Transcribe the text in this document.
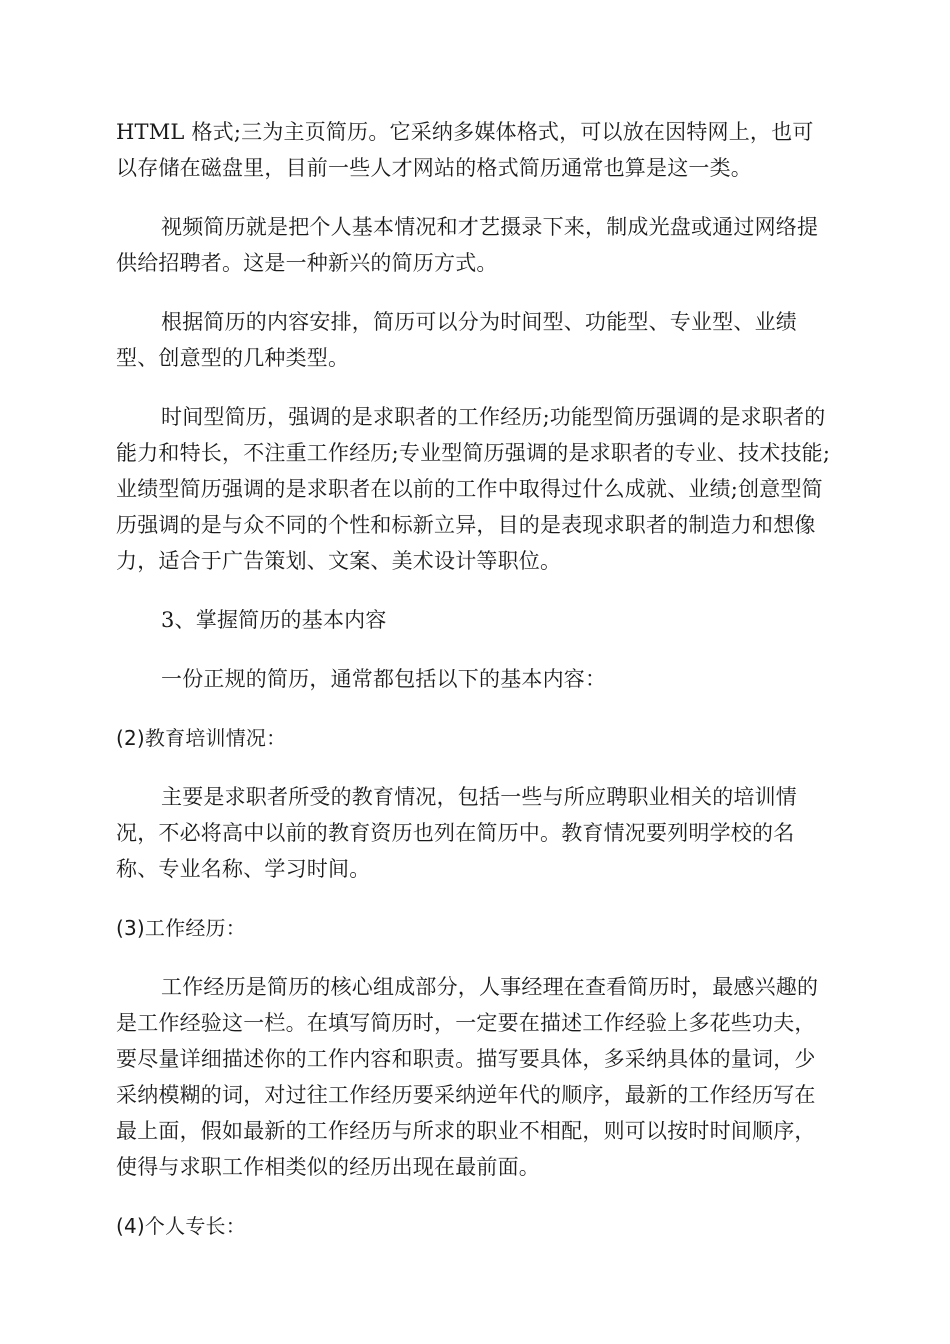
HTML 格式;三为主页简历。它采纳多媒体格式，可以放在因特网上，也可以存储在磁盘里，目前一些人才网站的格式简历通常也算是这一类。

视频简历就是把个人基本情况和才艺摄录下来，制成光盘或通过网络提供给招聘者。这是一种新兴的简历方式。

根据简历的内容安排，简历可以分为时间型、功能型、专业型、业绩型、创意型的几种类型。

时间型简历，强调的是求职者的工作经历;功能型简历强调的是求职者的能力和特长，不注重工作经历;专业型简历强调的是求职者的专业、技术技能;业绩型简历强调的是求职者在以前的工作中取得过什么成就、业绩;创意型简历强调的是与众不同的个性和标新立异，目的是表现求职者的制造力和想像力，适合于广告策划、文案、美术设计等职位。

3、掌握简历的基本内容

一份正规的简历，通常都包括以下的基本内容：

(2)教育培训情况：

主要是求职者所受的教育情况，包括一些与所应聘职业相关的培训情况，不必将高中以前的教育资历也列在简历中。教育情况要列明学校的名称、专业名称、学习时间。

(3)工作经历：

工作经历是简历的核心组成部分，人事经理在查看简历时，最感兴趣的是工作经验这一栏。在填写简历时，一定要在描述工作经验上多花些功夫，要尽量详细描述你的工作内容和职责。描写要具体，多采纳具体的量词，少采纳模糊的词，对过往工作经历要采纳逆年代的顺序，最新的工作经历写在最上面，假如最新的工作经历与所求的职业不相配，则可以按时时间顺序，使得与求职工作相类似的经历出现在最前面。

(4)个人专长：
